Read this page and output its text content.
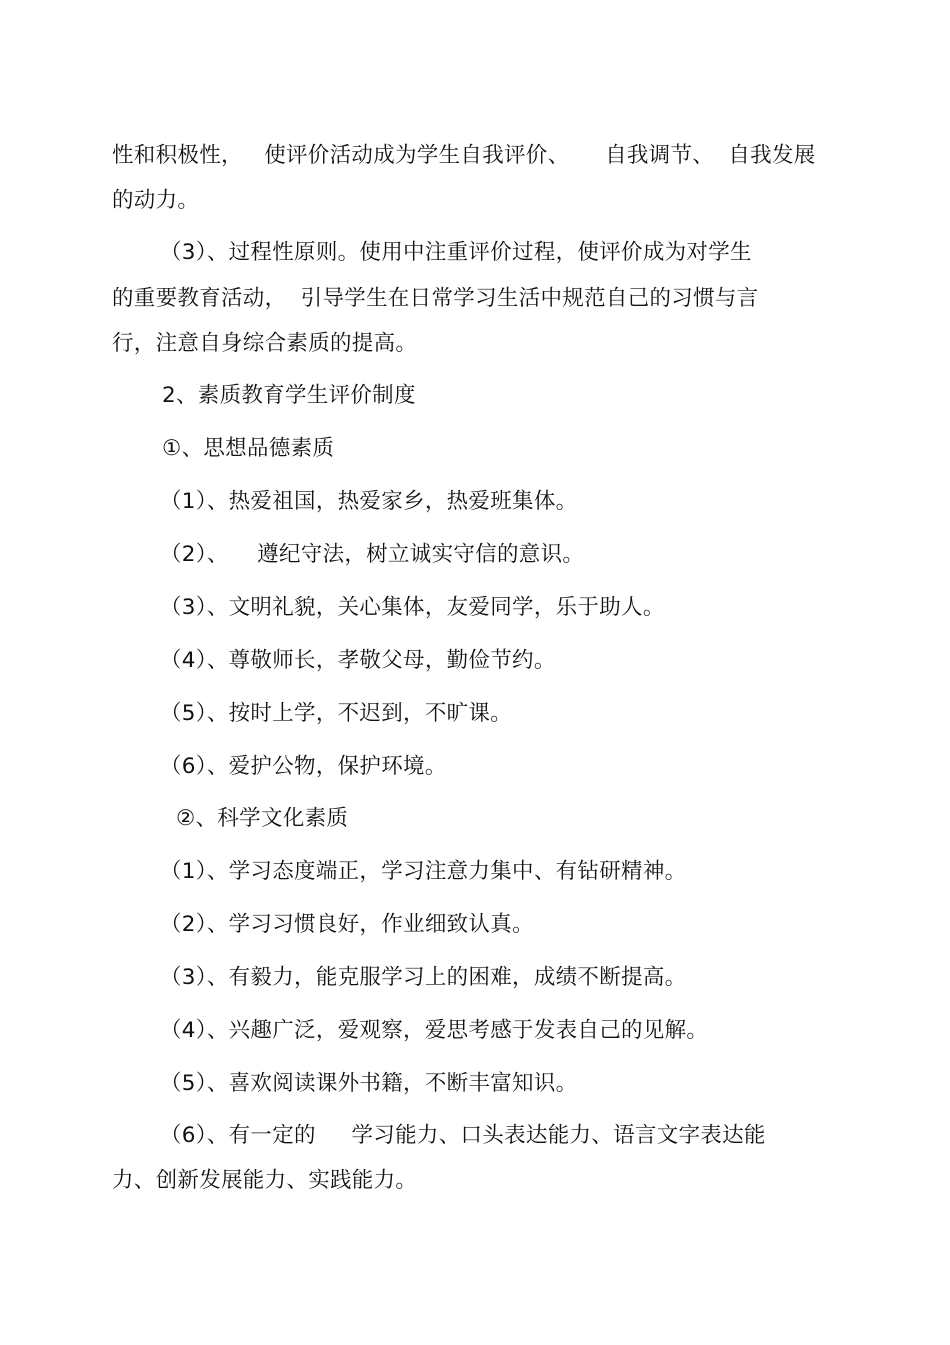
性和积极性，   使评价活动成为学生自我评价、     自我调节、  自我发展
的动力。
（3）、过程性原则。使用中注重评价过程，使评价成为对学生
的重要教育活动，  引导学生在日常学习生活中规范自己的习惯与言
行，注意自身综合素质的提高。
2、素质教育学生评价制度
①、思想品德素质
（1）、热爱祖国，热爱家乡，热爱班集体。
（2）、    遵纪守法，树立诚实守信的意识。
（3）、文明礼貌，关心集体，友爱同学，乐于助人。
（4）、尊敬师长，孝敬父母，勤俭节约。
（5）、按时上学，不迟到，不旷课。
（6）、爱护公物，保护环境。
②、科学文化素质
（1）、学习态度端正，学习注意力集中、有钻研精神。
（2）、学习习惯良好，作业细致认真。
（3）、有毅力，能克服学习上的困难，成绩不断提高。
（4）、兴趣广泛，爱观察，爱思考感于发表自己的见解。
（5）、喜欢阅读课外书籍，不断丰富知识。
（6）、有一定的     学习能力、口头表达能力、语言文字表达能
力、创新发展能力、实践能力。
